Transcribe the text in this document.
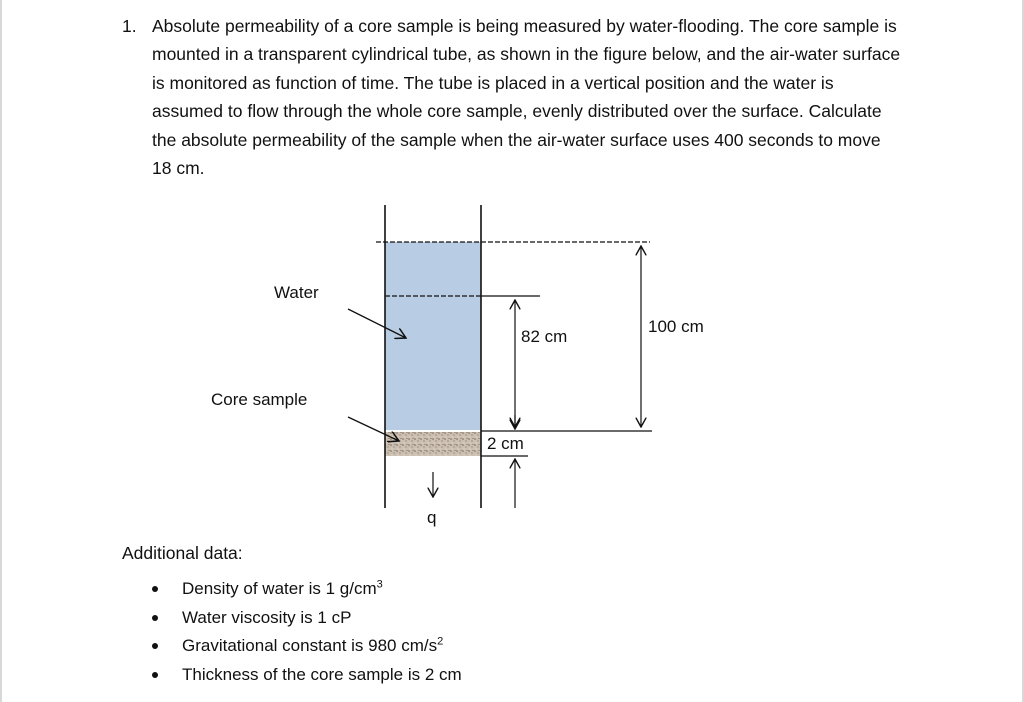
1. Absolute permeability of a core sample is being measured by water-flooding. The core sample is mounted in a transparent cylindrical tube, as shown in the figure below, and the air-water surface is monitored as function of time. The tube is placed in a vertical position and the water is assumed to flow through the whole core sample, evenly distributed over the surface. Calculate the absolute permeability of the sample when the air-water surface uses 400 seconds to move 18 cm.
100 cm
82 cm
2 cm
Water
Core sample
q
Additional data:
Density of water is 1 $g/cm^3$
Water viscosity is 1 cP
Gravitational constant is 980 $cm/s^2$
Thickness of the core sample is 2 cm
